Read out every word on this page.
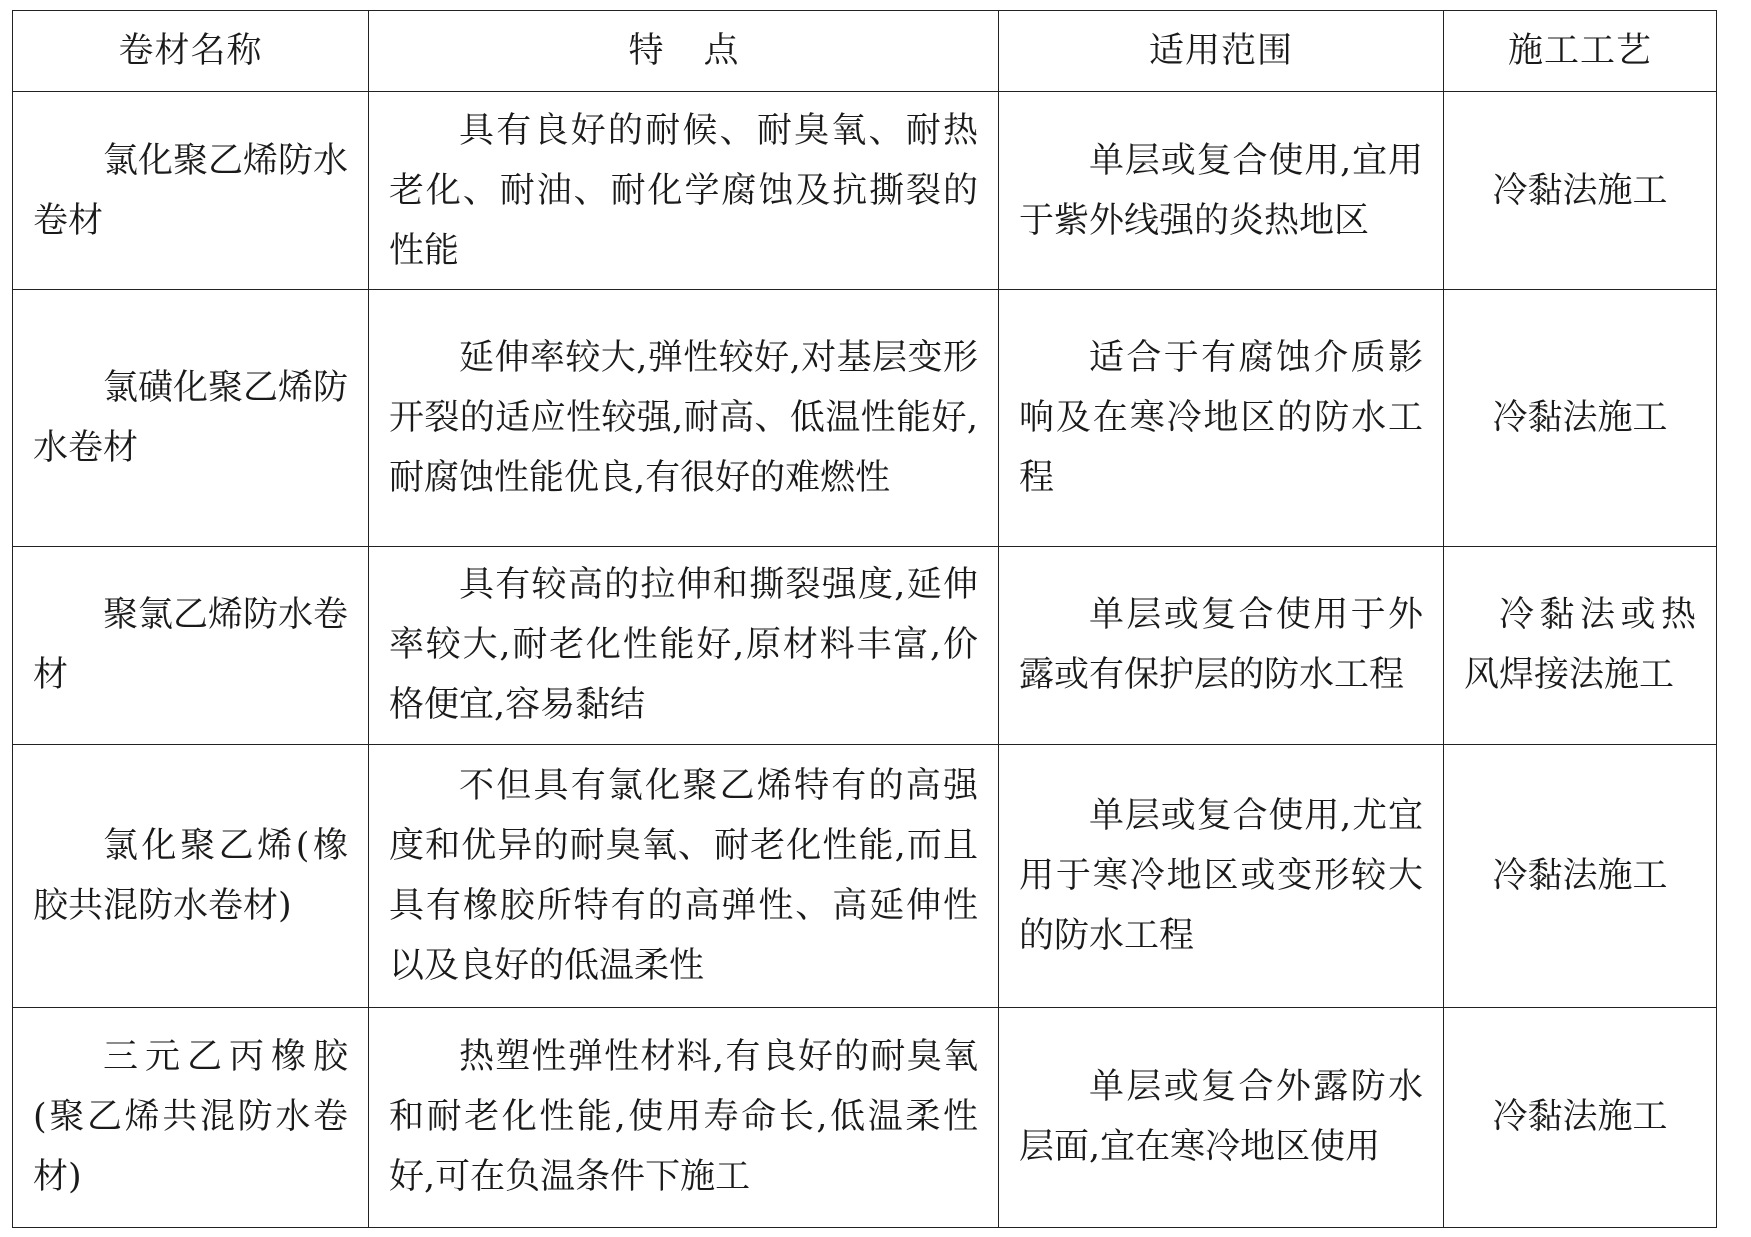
卷材名称	特点	适用范围	施工工艺
氯化聚乙烯防水卷材	具有良好的耐候、耐臭氧、耐热老化、耐油、耐化学腐蚀及抗撕裂的性能	单层或复合使用,宜用于紫外线强的炎热地区	冷黏法施工
氯磺化聚乙烯防水卷材	延伸率较大,弹性较好,对基层变形开裂的适应性较强,耐高、低温性能好,耐腐蚀性能优良,有很好的难燃性	适合于有腐蚀介质影响及在寒冷地区的防水工程	冷黏法施工
聚氯乙烯防水卷材	具有较高的拉伸和撕裂强度,延伸率较大,耐老化性能好,原材料丰富,价格便宜,容易黏结	单层或复合使用于外露或有保护层的防水工程	冷黏法或热风焊接法施工
氯化聚乙烯(橡胶共混防水卷材)	不但具有氯化聚乙烯特有的高强度和优异的耐臭氧、耐老化性能,而且具有橡胶所特有的高弹性、高延伸性以及良好的低温柔性	单层或复合使用,尤宜用于寒冷地区或变形较大的防水工程	冷黏法施工
三元乙丙橡胶(聚乙烯共混防水卷材)	热塑性弹性材料,有良好的耐臭氧和耐老化性能,使用寿命长,低温柔性好,可在负温条件下施工	单层或复合外露防水层面,宜在寒冷地区使用	冷黏法施工
